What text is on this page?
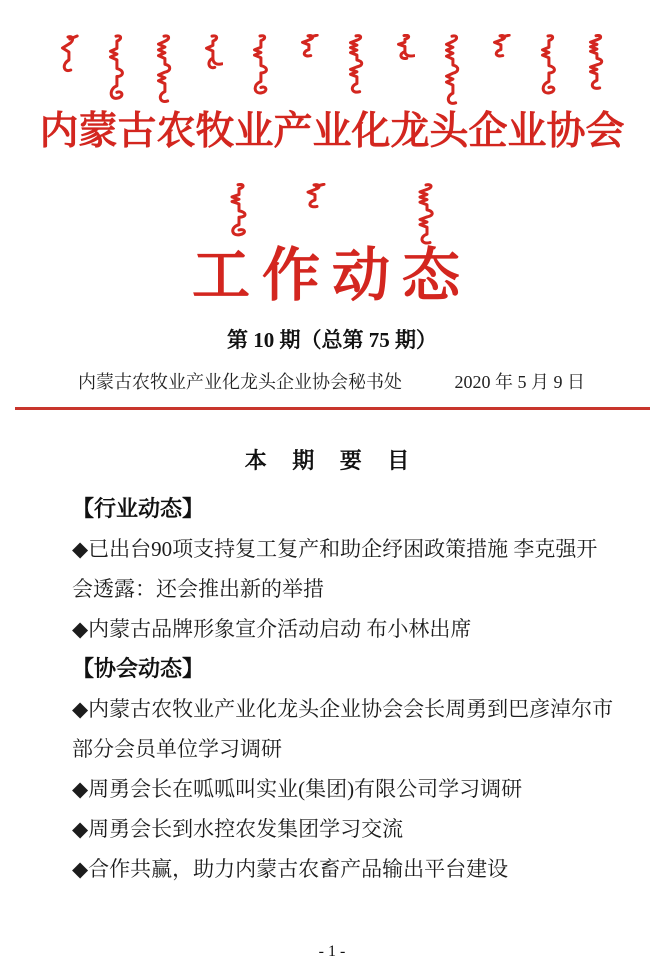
内蒙古农牧业产业化龙头企业协会
工作动态
第 10 期（总第 75 期）
内蒙古农牧业产业化龙头企业协会秘书处	2020 年 5 月 9 日
本 期 要 目
【行业动态】

◆已出台90项支持复工复产和助企纾困政策措施 李克强开会透露：还会推出新的举措

◆内蒙古品牌形象宣介活动启动 布小林出席

【协会动态】

◆内蒙古农牧业产业化龙头企业协会会长周勇到巴彦淖尔市部分会员单位学习调研

◆周勇会长在呱呱叫实业(集团)有限公司学习调研

◆周勇会长到水控农发集团学习交流

◆合作共赢，助力内蒙古农畜产品输出平台建设

- 1 -
